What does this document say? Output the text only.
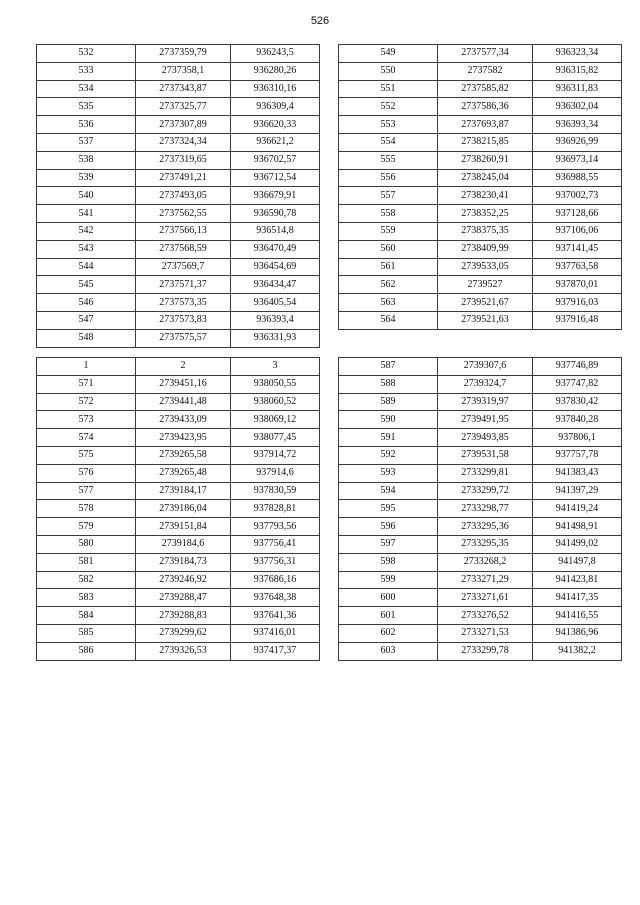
526
532	2737359,79	936243,5
533	2737358,1	936280,26
534	2737343,87	936310,16
535	2737325,77	936309,4
536	2737307,89	936620,33
537	2737324,34	936621,2
538	2737319,65	936702,57
539	2737491,21	936712,54
540	2737493,05	936679,91
541	2737562,55	936590,78
542	2737566,13	936514,8
543	2737568,59	936470,49
544	2737569,7	936454,69
545	2737571,37	936434,47
546	2737573,35	936405,54
547	2737573,83	936393,4
548	2737575,57	936331,93
549	2737577,34	936323,34
550	2737582	936315,82
551	2737585,82	936311,83
552	2737586,36	936302,04
553	2737693,87	936393,34
554	2738215,85	936926,99
555	2738260,91	936973,14
556	2738245,04	936988,55
557	2738230,41	937002,73
558	2738352,25	937128,66
559	2738375,35	937106,06
560	2738409,99	937141,45
561	2739533,05	937763,58
562	2739527	937870,01
563	2739521,67	937916,03
564	2739521,63	937916,48
1	2	3
571	2739451,16	938050,55
572	2739441,48	938060,52
573	2739433,09	938069,12
574	2739423,95	938077,45
575	2739265,58	937914,72
576	2739265,48	937914,6
577	2739184,17	937830,59
578	2739186,04	937828,81
579	2739151,84	937793,56
580	2739184,6	937756,41
581	2739184,73	937756,31
582	2739246,92	937686,16
583	2739288,47	937648,38
584	2739288,83	937641,36
585	2739299,62	937416,01
586	2739326,53	937417,37
587	2739307,6	937746,89
588	2739324,7	937747,82
589	2739319,97	937830,42
590	2739491,95	937840,28
591	2739493,85	937806,1
592	2739531,58	937757,78
593	2733299,81	941383,43
594	2733299,72	941397,29
595	2733298,77	941419,24
596	2733295,36	941498,91
597	2733295,35	941499,02
598	2733268,2	941497,8
599	2733271,29	941423,81
600	2733271,61	941417,35
601	2733276,52	941416,55
602	2733271,53	941386,96
603	2733299,78	941382,2
